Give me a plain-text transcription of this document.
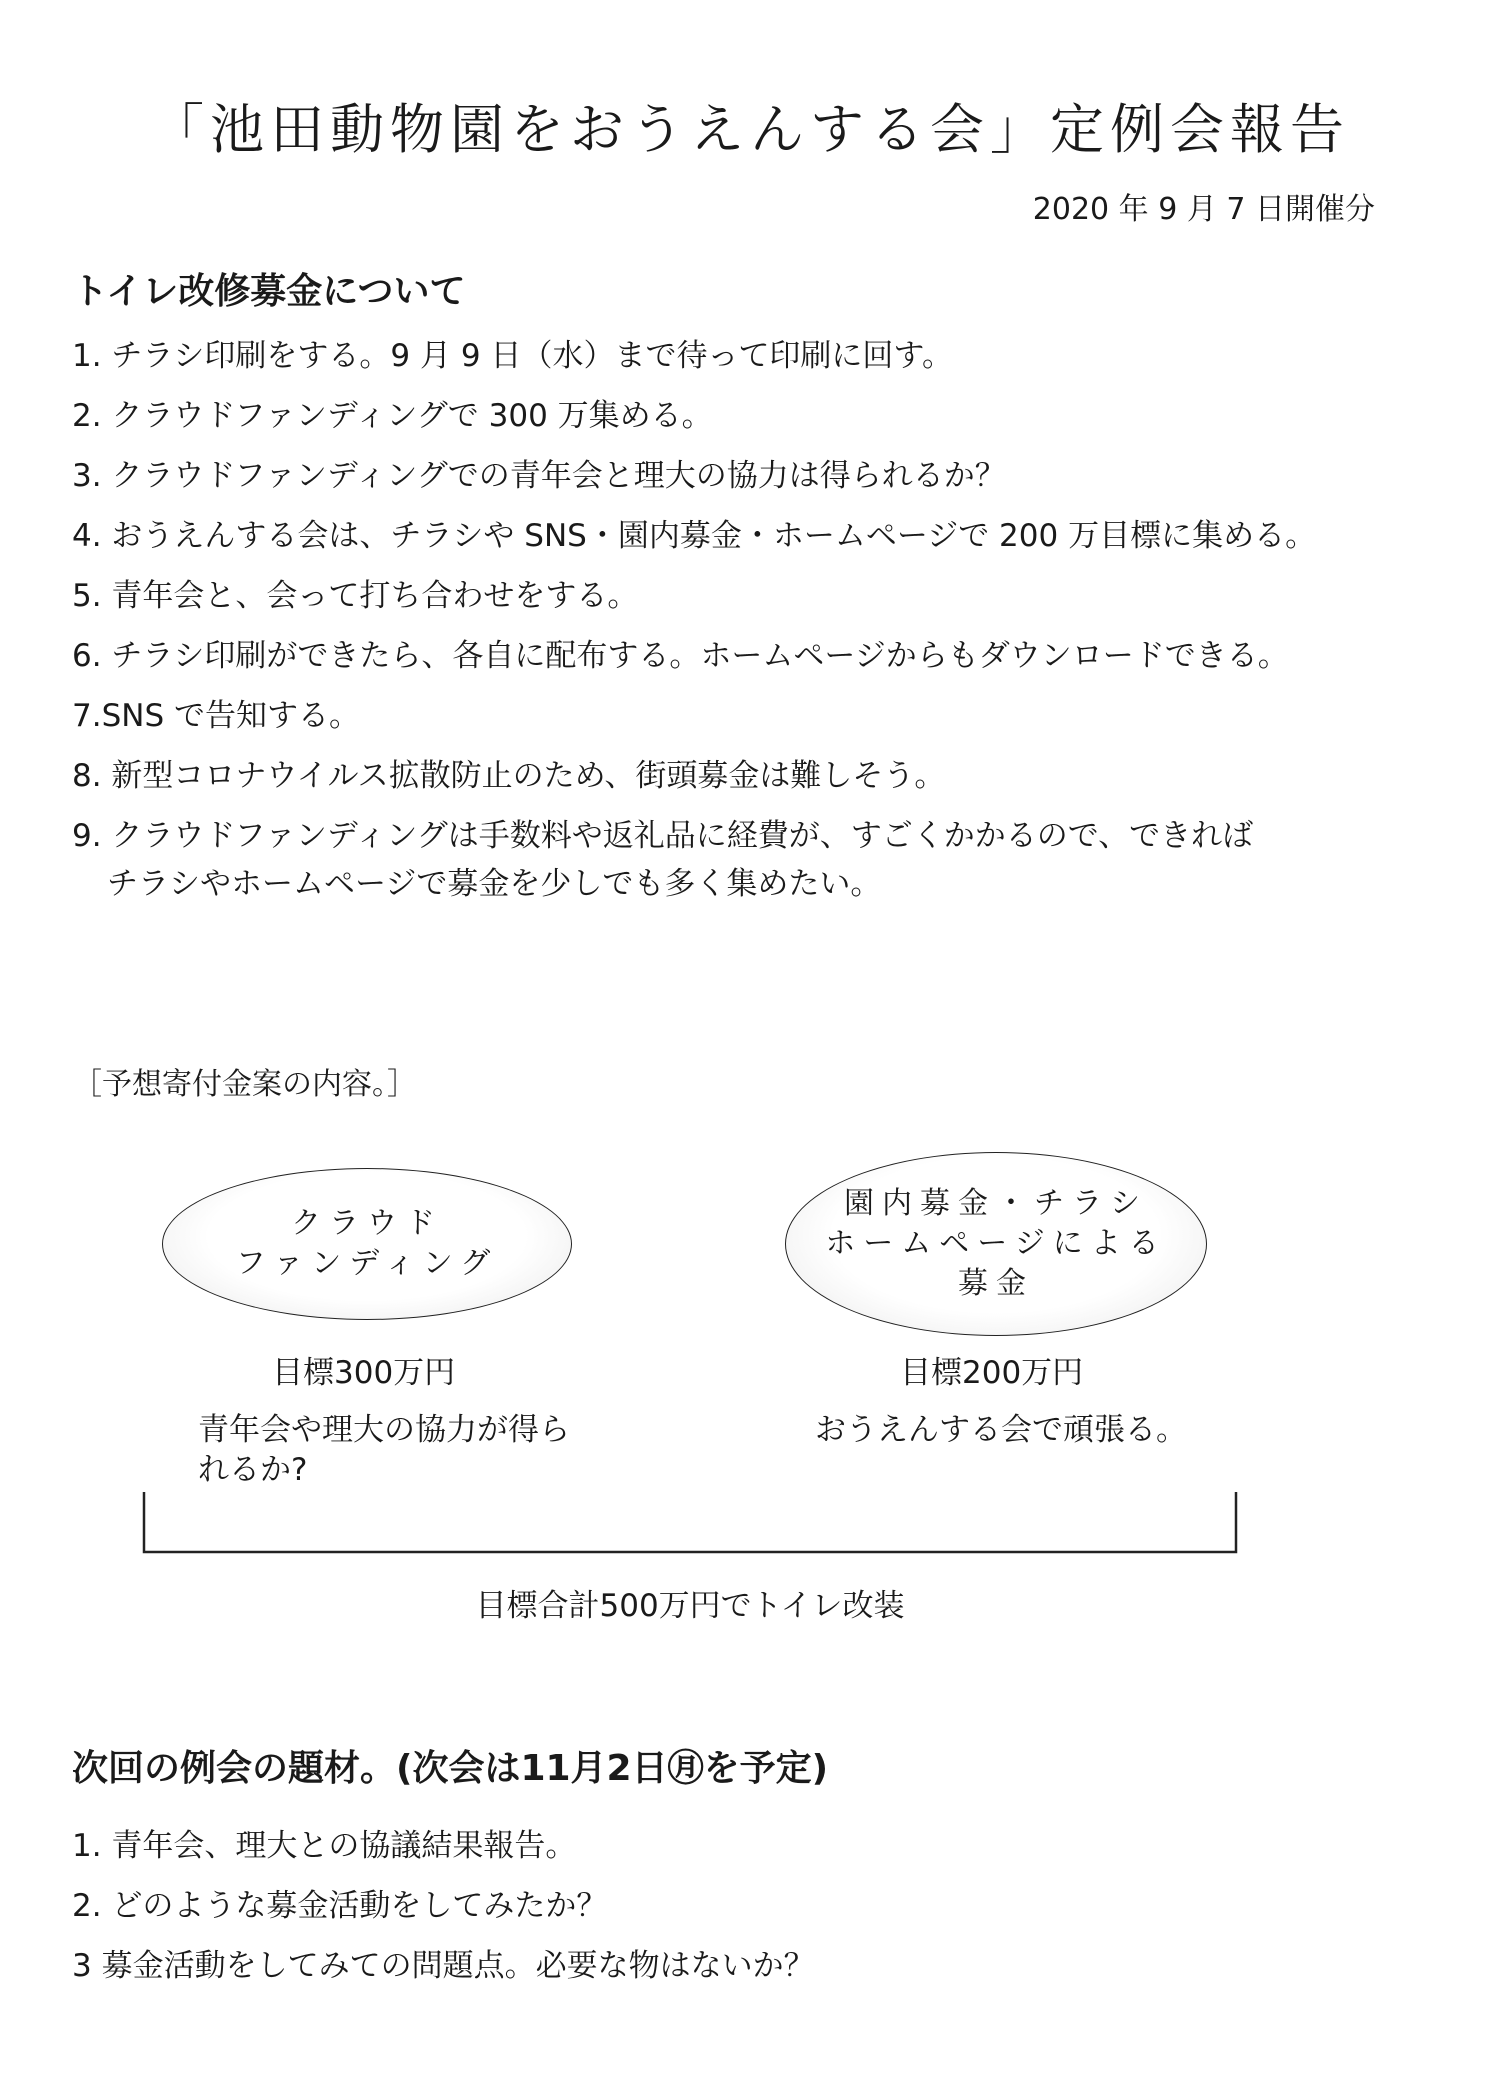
「池田動物園をおうえんする会」定例会報告
2020 年 9 月 7 日開催分
トイレ改修募金について
1. チラシ印刷をする。9 月 9 日（水）まで待って印刷に回す。
2. クラウドファンディングで 300 万集める。
3. クラウドファンディングでの青年会と理大の協力は得られるか？
4. おうえんする会は、チラシや SNS・園内募金・ホームページで 200 万目標に集める。
5. 青年会と、会って打ち合わせをする。
6. チラシ印刷ができたら、各自に配布する。ホームページからもダウンロードできる。
7.SNS で告知する。
8. 新型コロナウイルス拡散防止のため、街頭募金は難しそう。
9. クラウドファンディングは手数料や返礼品に経費が、すごくかかるので、できれば
チラシやホームページで募金を少しでも多く集めたい。
［予想寄付金案の内容。］
クラウド
ファンディング
園内募金・チラシ
ホームページによる
募金
目標300万円	目標200万円
青年会や理大の協力が得られるか?
おうえんする会で頑張る。
目標合計500万円でトイレ改装
次回の例会の題材。(次会は11月2日㊊を予定)
1. 青年会、理大との協議結果報告。
2. どのような募金活動をしてみたか？
3 募金活動をしてみての問題点。必要な物はないか？
